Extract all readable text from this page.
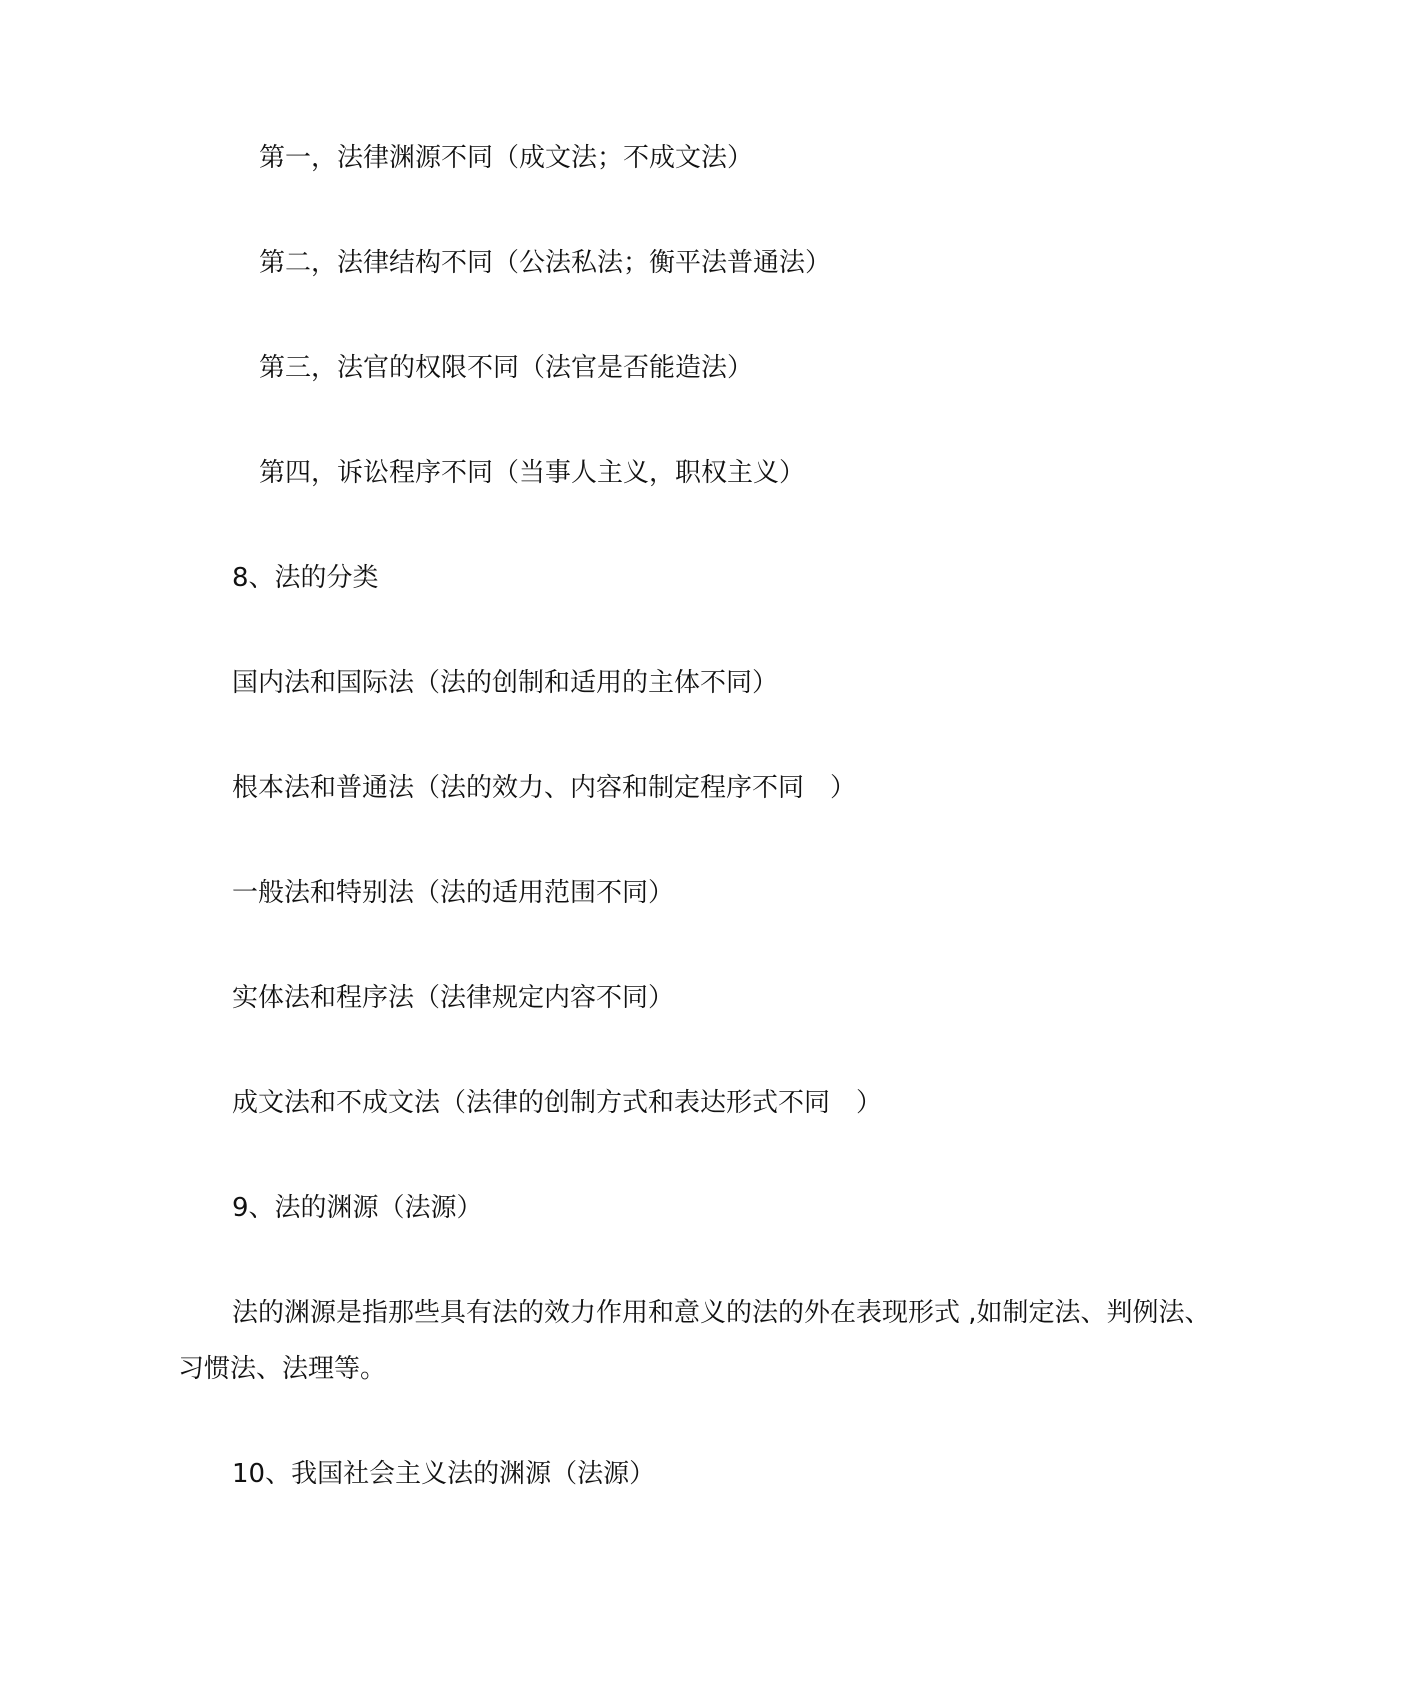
第一，法律渊源不同（成文法；不成文法）
第二，法律结构不同（公法私法；衡平法普通法）
第三，法官的权限不同（法官是否能造法）
第四，诉讼程序不同（当事人主义，职权主义）
8、法的分类
国内法和国际法（法的创制和适用的主体不同）
根本法和普通法（法的效力、内容和制定程序不同　）
一般法和特别法（法的适用范围不同）
实体法和程序法（法律规定内容不同）
成文法和不成文法（法律的创制方式和表达形式不同　）
9、法的渊源（法源）
法的渊源是指那些具有法的效力作用和意义的法的外在表现形式 ,如制定法、判例法、
习惯法、法理等。
10、我国社会主义法的渊源（法源）
